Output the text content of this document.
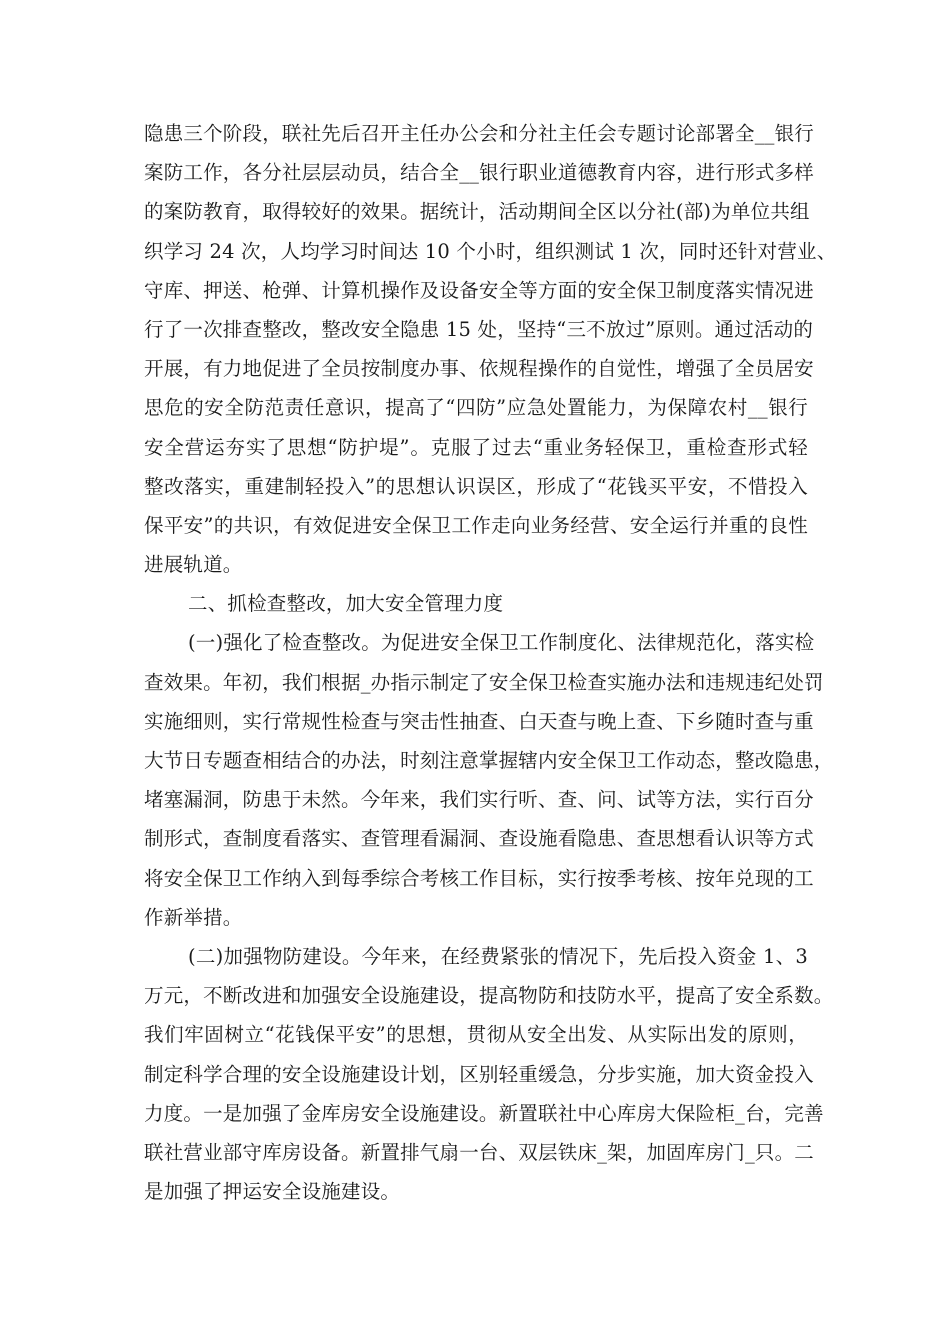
隐患三个阶段，联社先后召开主任办公会和分社主任会专题讨论部署全__银行
案防工作，各分社层层动员，结合全__银行职业道德教育内容，进行形式多样
的案防教育，取得较好的效果。据统计，活动期间全区以分社(部)为单位共组
织学习 24 次，人均学习时间达 10 个小时，组织测试 1 次，同时还针对营业、
守库、押送、枪弹、计算机操作及设备安全等方面的安全保卫制度落实情况进
行了一次排查整改，整改安全隐患 15 处，坚持“三不放过”原则。通过活动的
开展，有力地促进了全员按制度办事、依规程操作的自觉性，增强了全员居安
思危的安全防范责任意识，提高了“四防”应急处置能力，为保障农村__银行
安全营运夯实了思想“防护堤”。克服了过去“重业务轻保卫，重检查形式轻
整改落实，重建制轻投入”的思想认识误区，形成了“花钱买平安，不惜投入
保平安”的共识，有效促进安全保卫工作走向业务经营、安全运行并重的良性
进展轨道。
二、抓检查整改，加大安全管理力度
(一)强化了检查整改。为促进安全保卫工作制度化、法律规范化，落实检
查效果。年初，我们根据_办指示制定了安全保卫检查实施办法和违规违纪处罚
实施细则，实行常规性检查与突击性抽查、白天查与晚上查、下乡随时查与重
大节日专题查相结合的办法，时刻注意掌握辖内安全保卫工作动态，整改隐患，
堵塞漏洞，防患于未然。今年来，我们实行听、查、问、试等方法，实行百分
制形式，查制度看落实、查管理看漏洞、查设施看隐患、查思想看认识等方式
将安全保卫工作纳入到每季综合考核工作目标，实行按季考核、按年兑现的工
作新举措。
(二)加强物防建设。今年来，在经费紧张的情况下，先后投入资金 1、3
万元，不断改进和加强安全设施建设，提高物防和技防水平，提高了安全系数。
我们牢固树立“花钱保平安”的思想，贯彻从安全出发、从实际出发的原则，
制定科学合理的安全设施建设计划，区别轻重缓急，分步实施，加大资金投入
力度。一是加强了金库房安全设施建设。新置联社中心库房大保险柜_台，完善
联社营业部守库房设备。新置排气扇一台、双层铁床_架，加固库房门_只。二
是加强了押运安全设施建设。
